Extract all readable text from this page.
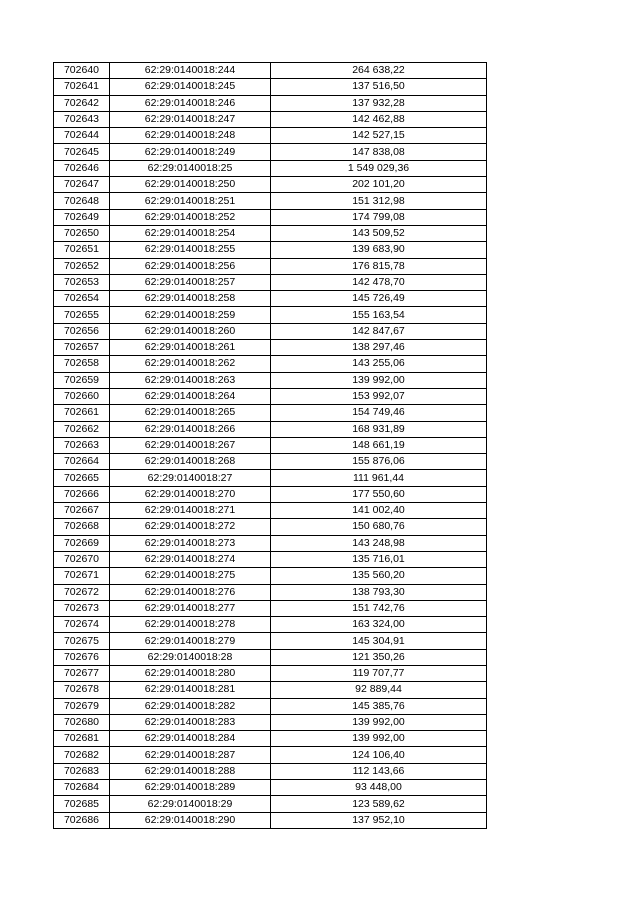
702640	62:29:0140018:244	264 638,22
702641	62:29:0140018:245	137 516,50
702642	62:29:0140018:246	137 932,28
702643	62:29:0140018:247	142 462,88
702644	62:29:0140018:248	142 527,15
702645	62:29:0140018:249	147 838,08
702646	62:29:0140018:25	1 549 029,36
702647	62:29:0140018:250	202 101,20
702648	62:29:0140018:251	151 312,98
702649	62:29:0140018:252	174 799,08
702650	62:29:0140018:254	143 509,52
702651	62:29:0140018:255	139 683,90
702652	62:29:0140018:256	176 815,78
702653	62:29:0140018:257	142 478,70
702654	62:29:0140018:258	145 726,49
702655	62:29:0140018:259	155 163,54
702656	62:29:0140018:260	142 847,67
702657	62:29:0140018:261	138 297,46
702658	62:29:0140018:262	143 255,06
702659	62:29:0140018:263	139 992,00
702660	62:29:0140018:264	153 992,07
702661	62:29:0140018:265	154 749,46
702662	62:29:0140018:266	168 931,89
702663	62:29:0140018:267	148 661,19
702664	62:29:0140018:268	155 876,06
702665	62:29:0140018:27	111 961,44
702666	62:29:0140018:270	177 550,60
702667	62:29:0140018:271	141 002,40
702668	62:29:0140018:272	150 680,76
702669	62:29:0140018:273	143 248,98
702670	62:29:0140018:274	135 716,01
702671	62:29:0140018:275	135 560,20
702672	62:29:0140018:276	138 793,30
702673	62:29:0140018:277	151 742,76
702674	62:29:0140018:278	163 324,00
702675	62:29:0140018:279	145 304,91
702676	62:29:0140018:28	121 350,26
702677	62:29:0140018:280	119 707,77
702678	62:29:0140018:281	92 889,44
702679	62:29:0140018:282	145 385,76
702680	62:29:0140018:283	139 992,00
702681	62:29:0140018:284	139 992,00
702682	62:29:0140018:287	124 106,40
702683	62:29:0140018:288	112 143,66
702684	62:29:0140018:289	93 448,00
702685	62:29:0140018:29	123 589,62
702686	62:29:0140018:290	137 952,10
